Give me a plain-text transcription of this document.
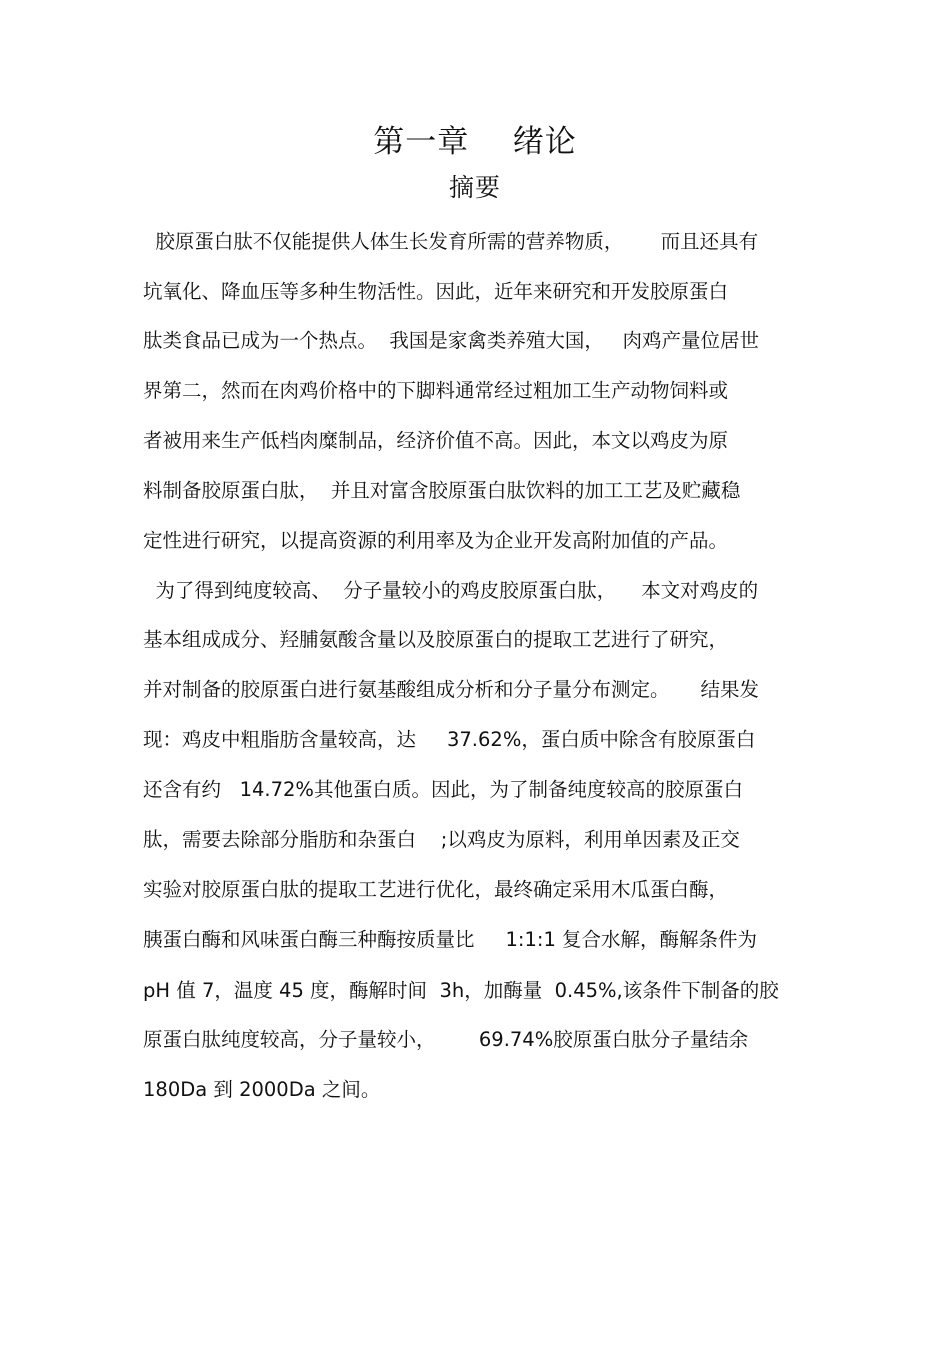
第一章    绪论
摘要
胶原蛋白肽不仅能提供人体生长发育所需的营养物质，      而且还具有
坑氧化、降血压等多种生物活性。因此，近年来研究和开发胶原蛋白
肽类食品已成为一个热点。  我国是家禽类养殖大国，   肉鸡产量位居世
界第二，然而在肉鸡价格中的下脚料通常经过粗加工生产动物饲料或
者被用来生产低档肉糜制品，经济价值不高。因此，本文以鸡皮为原
料制备胶原蛋白肽，  并且对富含胶原蛋白肽饮料的加工工艺及贮藏稳
定性进行研究，以提高资源的利用率及为企业开发高附加值的产品。
为了得到纯度较高、  分子量较小的鸡皮胶原蛋白肽，    本文对鸡皮的
基本组成成分、羟脯氨酸含量以及胶原蛋白的提取工艺进行了研究，
并对制备的胶原蛋白进行氨基酸组成分析和分子量分布测定。     结果发
现：鸡皮中粗脂肪含量较高，达     37.62%，蛋白质中除含有胶原蛋白
还含有约   14.72%其他蛋白质。因此，为了制备纯度较高的胶原蛋白
肽，需要去除部分脂肪和杂蛋白    ;以鸡皮为原料，利用单因素及正交
实验对胶原蛋白肽的提取工艺进行优化，最终确定采用木瓜蛋白酶，
胰蛋白酶和风味蛋白酶三种酶按质量比     1:1:1 复合水解，酶解条件为
pH 值 7，温度 45 度，酶解时间  3h，加酶量  0.45%,该条件下制备的胶
原蛋白肽纯度较高，分子量较小，       69.74%胶原蛋白肽分子量结余
180Da 到 2000Da 之间。
